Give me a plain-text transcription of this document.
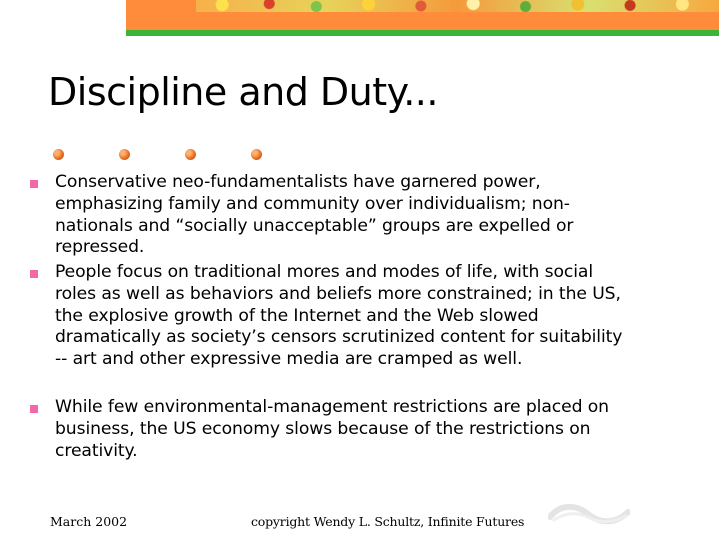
Discipline and Duty...
Conservative neo-fundamentalists have garnered power, emphasizing family and community over individualism; non-nationals and “socially unacceptable” groups are expelled or repressed.
People focus on traditional mores and modes of life, with social roles as well as behaviors and beliefs more constrained; in the US, the explosive growth of the Internet and the Web slowed dramatically as society’s censors scrutinized content for suitability -- art and other expressive media are cramped as well.
While few environmental-management restrictions are placed on business, the US economy slows because of the restrictions on creativity.
March 2002	copyright Wendy L. Schultz, Infinite Futures
